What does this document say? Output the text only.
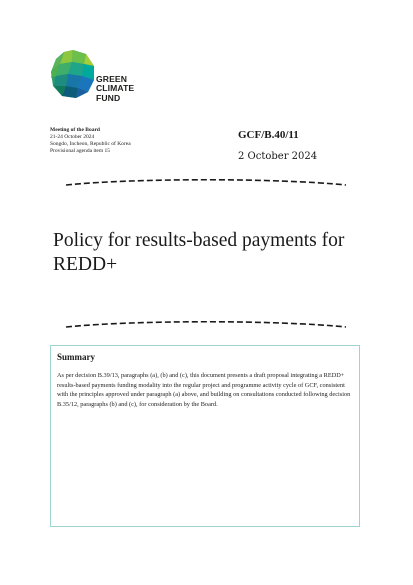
GREEN
CLIMATE
FUND
Meeting of the Board
21-24 October 2024
Songdo, Incheon, Republic of Korea
Provisional agenda item 15
GCF/B.40/11
2 October 2024
Policy for results-based payments for REDD+
Summary
As per decision B.39/13, paragraphs (a), (b) and (c), this document presents a draft proposal integrating a REDD+ results-based payments funding modality into the regular project and programme activity cycle of GCF, consistent with the principles approved under paragraph (a) above, and building on consultations conducted following decision B.35/12, paragraphs (b) and (c), for consideration by the Board.
